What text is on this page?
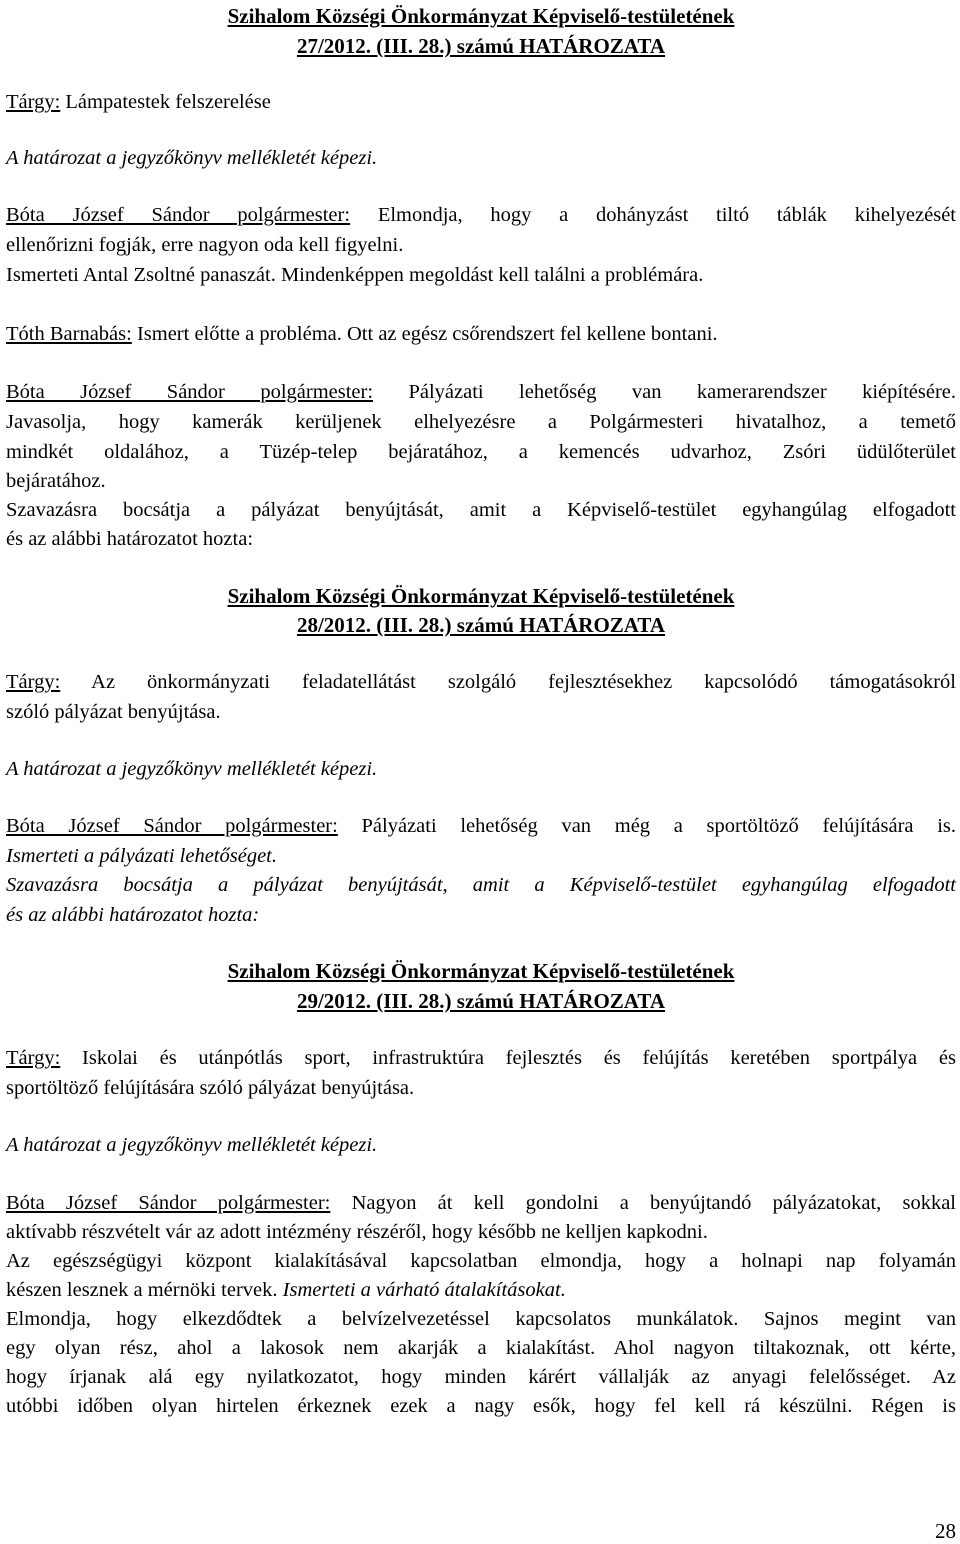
Szihalom Községi Önkormányzat Képviselő-testületének
27/2012. (III. 28.) számú HATÁROZATA
Tárgy: Lámpatestek felszerelése
A határozat a jegyzőkönyv mellékletét képezi.
Bóta József Sándor polgármester: Elmondja, hogy a dohányzást tiltó táblák kihelyezését
ellenőrizni fogják, erre nagyon oda kell figyelni.
Ismerteti Antal Zsoltné panaszát. Mindenképpen megoldást kell találni a problémára.
Tóth Barnabás: Ismert előtte a probléma. Ott az egész csőrendszert fel kellene bontani.
Bóta József Sándor polgármester: Pályázati lehetőség van kamerarendszer kiépítésére.
Javasolja, hogy kamerák kerüljenek elhelyezésre a Polgármesteri hivatalhoz, a temető
mindkét oldalához, a Tüzép-telep bejáratához, a kemencés udvarhoz, Zsóri üdülőterület
bejáratához.
Szavazásra bocsátja a pályázat benyújtását, amit a Képviselő-testület egyhangúlag elfogadott
és az alábbi határozatot hozta:
Szihalom Községi Önkormányzat Képviselő-testületének
28/2012. (III. 28.) számú HATÁROZATA
Tárgy: Az önkormányzati feladatellátást szolgáló fejlesztésekhez kapcsolódó támogatásokról
szóló pályázat benyújtása.
A határozat a jegyzőkönyv mellékletét képezi.
Bóta József Sándor polgármester: Pályázati lehetőség van még a sportöltöző felújítására is.
Ismerteti a pályázati lehetőséget.
Szavazásra bocsátja a pályázat benyújtását, amit a Képviselő-testület egyhangúlag elfogadott
és az alábbi határozatot hozta:
Szihalom Községi Önkormányzat Képviselő-testületének
29/2012. (III. 28.) számú HATÁROZATA
Tárgy: Iskolai és utánpótlás sport, infrastruktúra fejlesztés és felújítás keretében sportpálya és
sportöltöző felújítására szóló pályázat benyújtása.
A határozat a jegyzőkönyv mellékletét képezi.
Bóta József Sándor polgármester: Nagyon át kell gondolni a benyújtandó pályázatokat, sokkal
aktívabb részvételt vár az adott intézmény részéről, hogy később ne kelljen kapkodni.
Az egészségügyi központ kialakításával kapcsolatban elmondja, hogy a holnapi nap folyamán
készen lesznek a mérnöki tervek. Ismerteti a várható átalakításokat.
Elmondja, hogy elkezdődtek a belvízelvezetéssel kapcsolatos munkálatok. Sajnos megint van
egy olyan rész, ahol a lakosok nem akarják a kialakítást. Ahol nagyon tiltakoznak, ott kérte,
hogy írjanak alá egy nyilatkozatot, hogy minden kárért vállalják az anyagi felelősséget. Az
utóbbi időben olyan hirtelen érkeznek ezek a nagy esők, hogy fel kell rá készülni. Régen is
28
